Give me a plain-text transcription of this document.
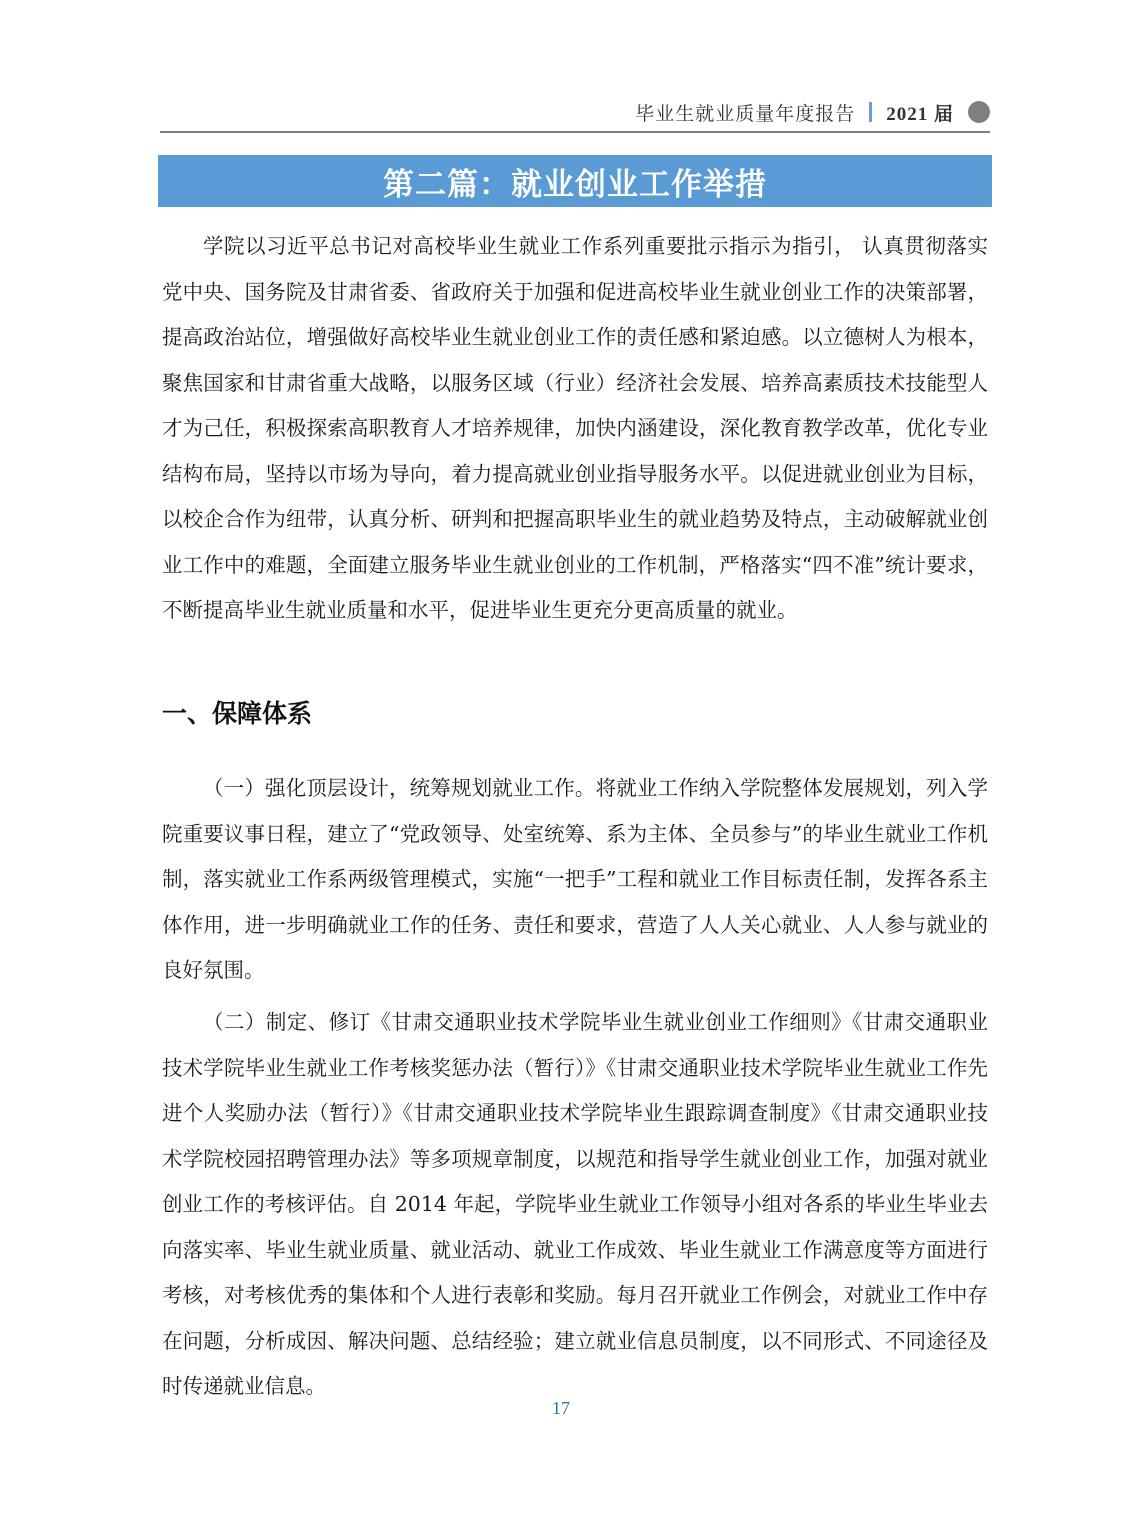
毕业生就业质量年度报告 2021 届
第二篇：就业创业工作举措

学院以习近平总书记对高校毕业生就业工作系列重要批示指示为指引， 认真贯彻落实党中央、国务院及甘肃省委、省政府关于加强和促进高校毕业生就业创业工作的决策部署，提高政治站位，增强做好高校毕业生就业创业工作的责任感和紧迫感。以立德树人为根本，聚焦国家和甘肃省重大战略，以服务区域（行业）经济社会发展、培养高素质技术技能型人才为己任，积极探索高职教育人才培养规律，加快内涵建设，深化教育教学改革，优化专业结构布局，坚持以市场为导向，着力提高就业创业指导服务水平。以促进就业创业为目标，以校企合作为纽带，认真分析、研判和把握高职毕业生的就业趋势及特点，主动破解就业创业工作中的难题，全面建立服务毕业生就业创业的工作机制，严格落实“四不准”统计要求，不断提高毕业生就业质量和水平，促进毕业生更充分更高质量的就业。

一、保障体系

（一）强化顶层设计，统筹规划就业工作。将就业工作纳入学院整体发展规划，列入学院重要议事日程，建立了“党政领导、处室统筹、系为主体、全员参与”的毕业生就业工作机制，落实就业工作系两级管理模式，实施“一把手”工程和就业工作目标责任制，发挥各系主体作用，进一步明确就业工作的任务、责任和要求，营造了人人关心就业、人人参与就业的良好氛围。

（二）制定、修订《甘肃交通职业技术学院毕业生就业创业工作细则》《甘肃交通职业技术学院毕业生就业工作考核奖惩办法（暂行）》《甘肃交通职业技术学院毕业生就业工作先进个人奖励办法（暂行）》《甘肃交通职业技术学院毕业生跟踪调查制度》《甘肃交通职业技术学院校园招聘管理办法》等多项规章制度，以规范和指导学生就业创业工作，加强对就业创业工作的考核评估。自 2014 年起，学院毕业生就业工作领导小组对各系的毕业生毕业去向落实率、毕业生就业质量、就业活动、就业工作成效、毕业生就业工作满意度等方面进行考核，对考核优秀的集体和个人进行表彰和奖励。每月召开就业工作例会，对就业工作中存在问题，分析成因、解决问题、总结经验；建立就业信息员制度，以不同形式、不同途径及时传递就业信息。

17
